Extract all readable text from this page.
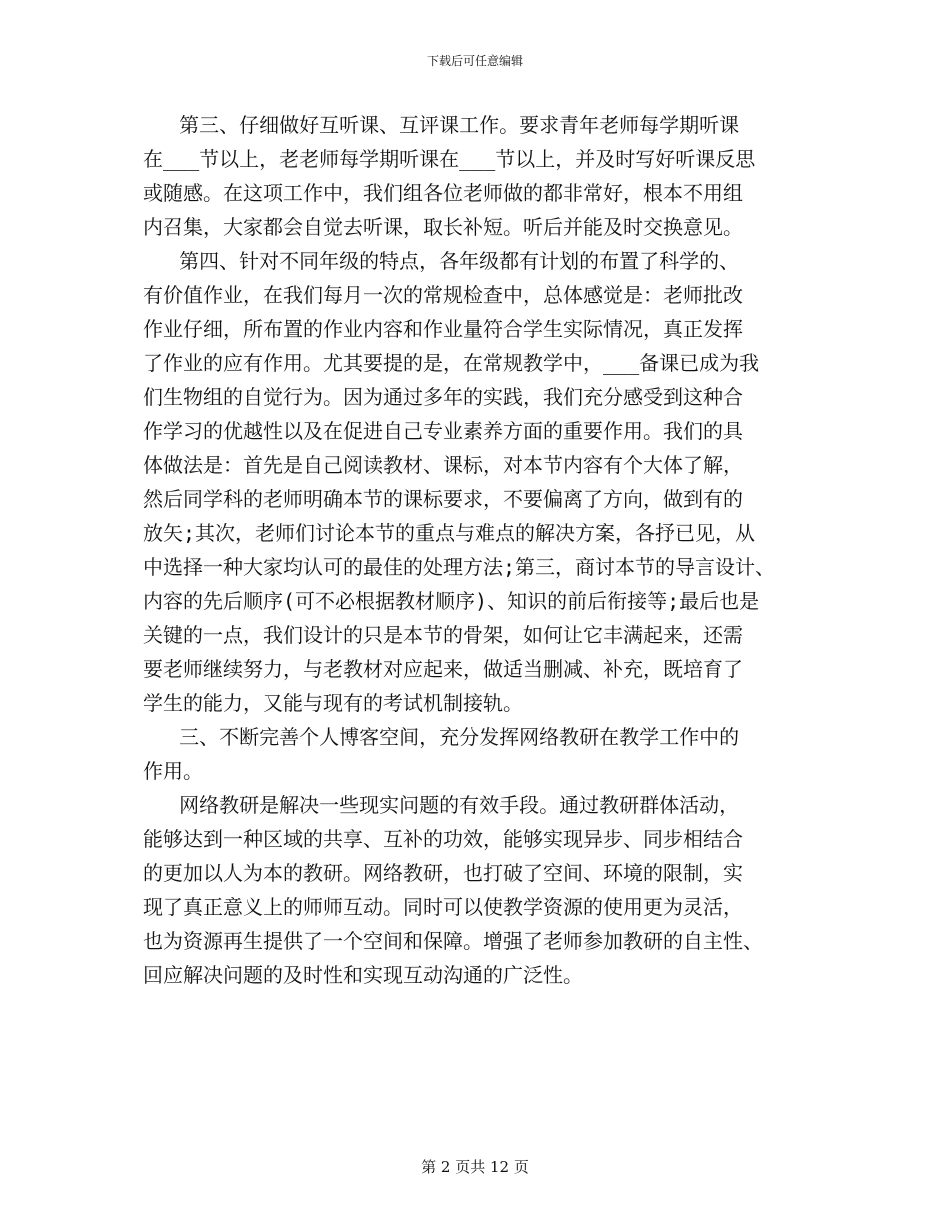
下载后可任意编辑
第三、仔细做好互听课、互评课工作。要求青年老师每学期听课
在___节以上，老老师每学期听课在___节以上，并及时写好听课反思
或随感。在这项工作中，我们组各位老师做的都非常好，根本不用组
内召集，大家都会自觉去听课，取长补短。听后并能及时交换意见。
第四、针对不同年级的特点，各年级都有计划的布置了科学的、
有价值作业，在我们每月一次的常规检查中，总体感觉是：老师批改
作业仔细，所布置的作业内容和作业量符合学生实际情况，真正发挥
了作业的应有作用。尤其要提的是，在常规教学中，___备课已成为我
们生物组的自觉行为。因为通过多年的实践，我们充分感受到这种合
作学习的优越性以及在促进自己专业素养方面的重要作用。我们的具
体做法是：首先是自己阅读教材、课标，对本节内容有个大体了解，
然后同学科的老师明确本节的课标要求，不要偏离了方向，做到有的
放矢;其次，老师们讨论本节的重点与难点的解决方案，各抒已见，从
中选择一种大家均认可的最佳的处理方法;第三，商讨本节的导言设计、
内容的先后顺序(可不必根据教材顺序)、知识的前后衔接等;最后也是
关键的一点，我们设计的只是本节的骨架，如何让它丰满起来，还需
要老师继续努力，与老教材对应起来，做适当删减、补充，既培育了
学生的能力，又能与现有的考试机制接轨。
三、不断完善个人博客空间，充分发挥网络教研在教学工作中的
作用。
网络教研是解决一些现实问题的有效手段。通过教研群体活动，
能够达到一种区域的共享、互补的功效，能够实现异步、同步相结合
的更加以人为本的教研。网络教研，也打破了空间、环境的限制，实
现了真正意义上的师师互动。同时可以使教学资源的使用更为灵活，
也为资源再生提供了一个空间和保障。增强了老师参加教研的自主性、
回应解决问题的及时性和实现互动沟通的广泛性。
第 2 页共 12 页
